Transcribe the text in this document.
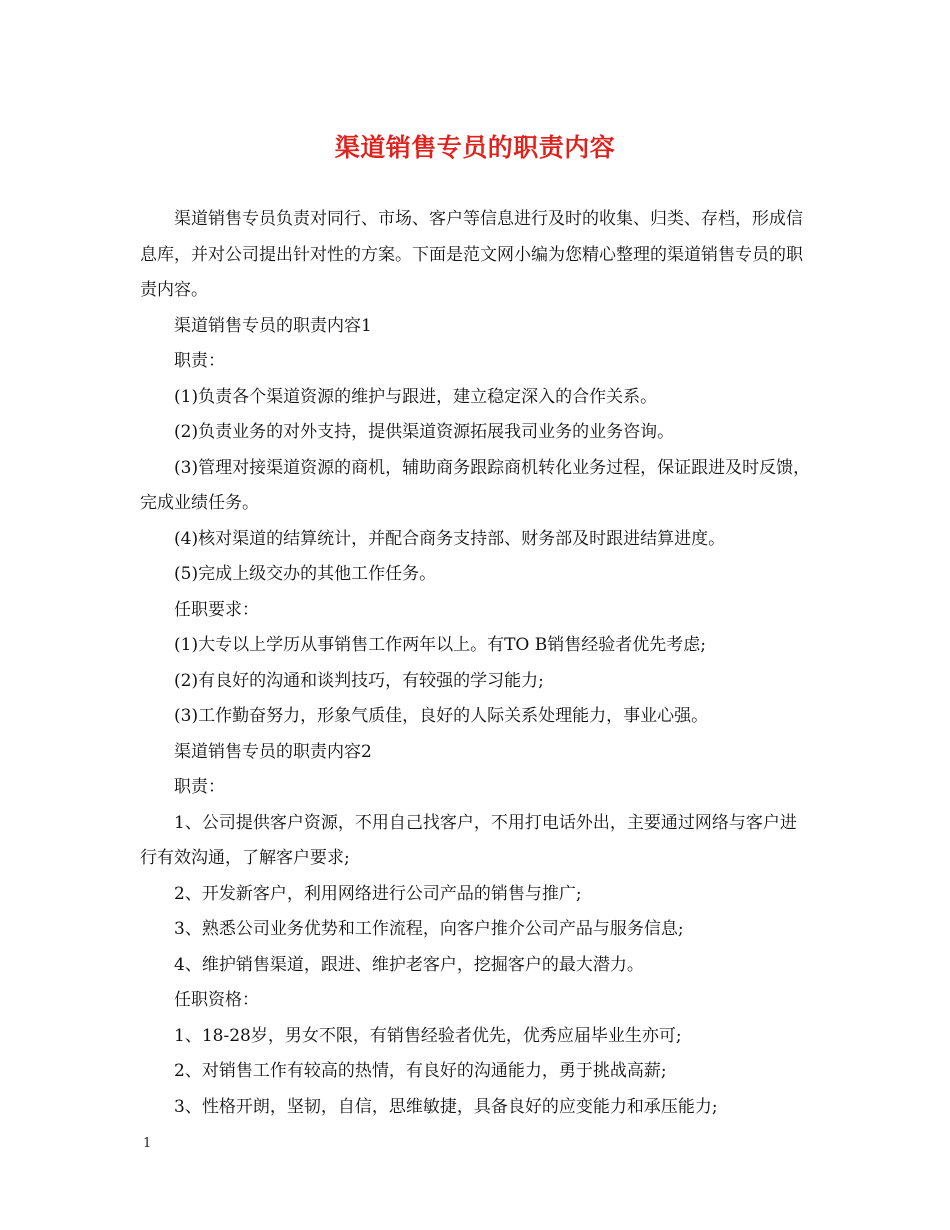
渠道销售专员的职责内容

渠道销售专员负责对同行、市场、客户等信息进行及时的收集、归类、存档，形成信息库，并对公司提出针对性的方案。下面是范文网小编为您精心整理的渠道销售专员的职责内容。

渠道销售专员的职责内容1

职责：

(1)负责各个渠道资源的维护与跟进，建立稳定深入的合作关系。

(2)负责业务的对外支持，提供渠道资源拓展我司业务的业务咨询。

(3)管理对接渠道资源的商机，辅助商务跟踪商机转化业务过程，保证跟进及时反馈，完成业绩任务。

(4)核对渠道的结算统计，并配合商务支持部、财务部及时跟进结算进度。

(5)完成上级交办的其他工作任务。

任职要求：

(1)大专以上学历从事销售工作两年以上。有TO B销售经验者优先考虑;

(2)有良好的沟通和谈判技巧，有较强的学习能力;

(3)工作勤奋努力，形象气质佳，良好的人际关系处理能力，事业心强。

渠道销售专员的职责内容2

职责：

1、公司提供客户资源，不用自己找客户，不用打电话外出，主要通过网络与客户进行有效沟通，了解客户要求;

2、开发新客户，利用网络进行公司产品的销售与推广;

3、熟悉公司业务优势和工作流程，向客户推介公司产品与服务信息;

4、维护销售渠道，跟进、维护老客户，挖掘客户的最大潜力。

任职资格：

1、18-28岁，男女不限，有销售经验者优先，优秀应届毕业生亦可;

2、对销售工作有较高的热情，有良好的沟通能力，勇于挑战高薪;

3、性格开朗，坚韧，自信，思维敏捷，具备良好的应变能力和承压能力;

1
